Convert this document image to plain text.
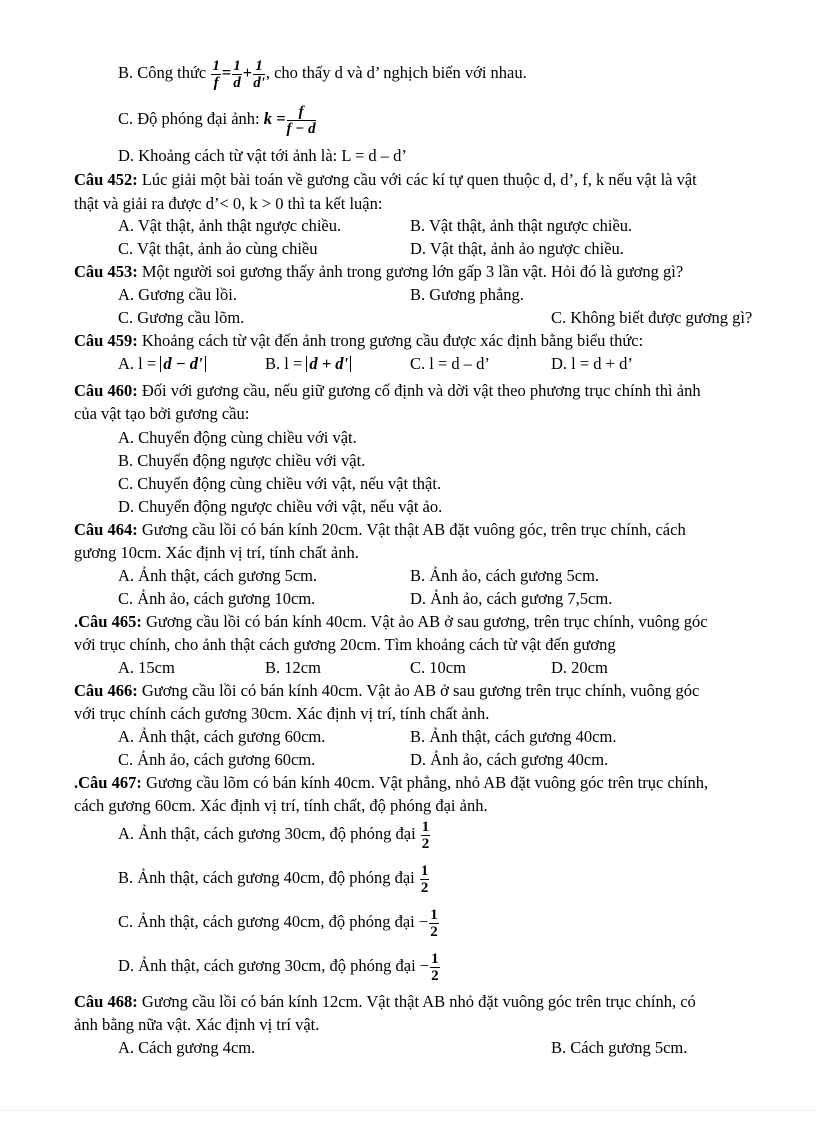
B. Công thức $\frac{1}{f} = \frac{1}{d} + \frac{1}{d'}$ , cho thấy d và d’ nghịch biến với nhau.
C. Độ phóng đại ảnh: $k = \frac{f}{f - d}$
D. Khoảng cách từ vật tới ảnh là: L = d – d’
Câu 452: Lúc giải một bài toán về gương cầu với các kí tự quen thuộc d, d’, f, k nếu vật là vật
thật và giải ra được d’< 0, k > 0 thì ta kết luận:
A. Vật thật, ảnh thật ngược chiều.	B. Vật thật, ảnh thật ngược chiều.
C. Vật thật, ảnh ảo cùng chiều	D. Vật thật, ảnh ảo ngược chiều.
Câu 453: Một người soi gương thấy ảnh trong gương lớn gấp 3 lần vật. Hỏi đó là gương gì?
A. Gương cầu lồi.	B. Gương phẳng.
C. Gương cầu lõm.	C. Không biết được gương gì?
Câu 459: Khoảng cách từ vật đến ảnh trong gương cầu được xác định bằng biểu thức:
A. l = d − d'	B. l = d + d'	C. l = d – d’	D. l = d + d’
Câu 460: Đối với gương cầu, nếu giữ gương cố định và dời vật theo phương trục chính thì ảnh
của vật tạo bởi gương cầu:
A. Chuyển động cùng chiều với vật.
B. Chuyển động ngược chiều với vật.
C. Chuyển động cùng chiều với vật, nếu vật thật.
D. Chuyển động ngược chiều với vật, nếu vật ảo.
Câu 464: Gương cầu lồi có bán kính 20cm. Vật thật AB đặt vuông góc, trên trục chính, cách
gương 10cm. Xác định vị trí, tính chất ảnh.
A. Ảnh thật, cách gương 5cm.	B. Ảnh ảo, cách gương 5cm.
C. Ảnh ảo, cách gương 10cm.	D. Ảnh ảo, cách gương 7,5cm.
.Câu 465: Gương cầu lồi có bán kính 40cm. Vật ảo AB ở sau gương, trên trục chính, vuông góc
với trục chính, cho ảnh thật cách gương 20cm. Tìm khoảng cách từ vật đến gương
A. 15cm	B. 12cm	C. 10cm	D. 20cm
Câu 466: Gương cầu lồi có bán kính 40cm. Vật ảo AB ở sau gương trên trục chính, vuông góc
với trục chính cách gương 30cm. Xác định vị trí, tính chất ảnh.
A. Ảnh thật, cách gương 60cm.	B. Ảnh thật, cách gương 40cm.
C. Ảnh ảo, cách gương 60cm.	D. Ảnh ảo, cách gương 40cm.
.Câu 467: Gương cầu lõm có bán kính 40cm. Vật phẳng, nhỏ AB đặt vuông góc trên trục chính,
cách gương 60cm. Xác định vị trí, tính chất, độ phóng đại ảnh.
A. Ảnh thật, cách gương 30cm, độ phóng đại $\frac{1}{2}$
B. Ảnh thật, cách gương 40cm, độ phóng đại $\frac{1}{2}$
C. Ảnh thật, cách gương 40cm, độ phóng đại − $\frac{1}{2}$
D. Ảnh thật, cách gương 30cm, độ phóng đại − $\frac{1}{2}$
Câu 468: Gương cầu lồi có bán kính 12cm. Vật thật AB nhỏ đặt vuông góc trên trục chính, có
ảnh bằng nữa vật. Xác định vị trí vật.
A. Cách gương 4cm.	B. Cách gương 5cm.
